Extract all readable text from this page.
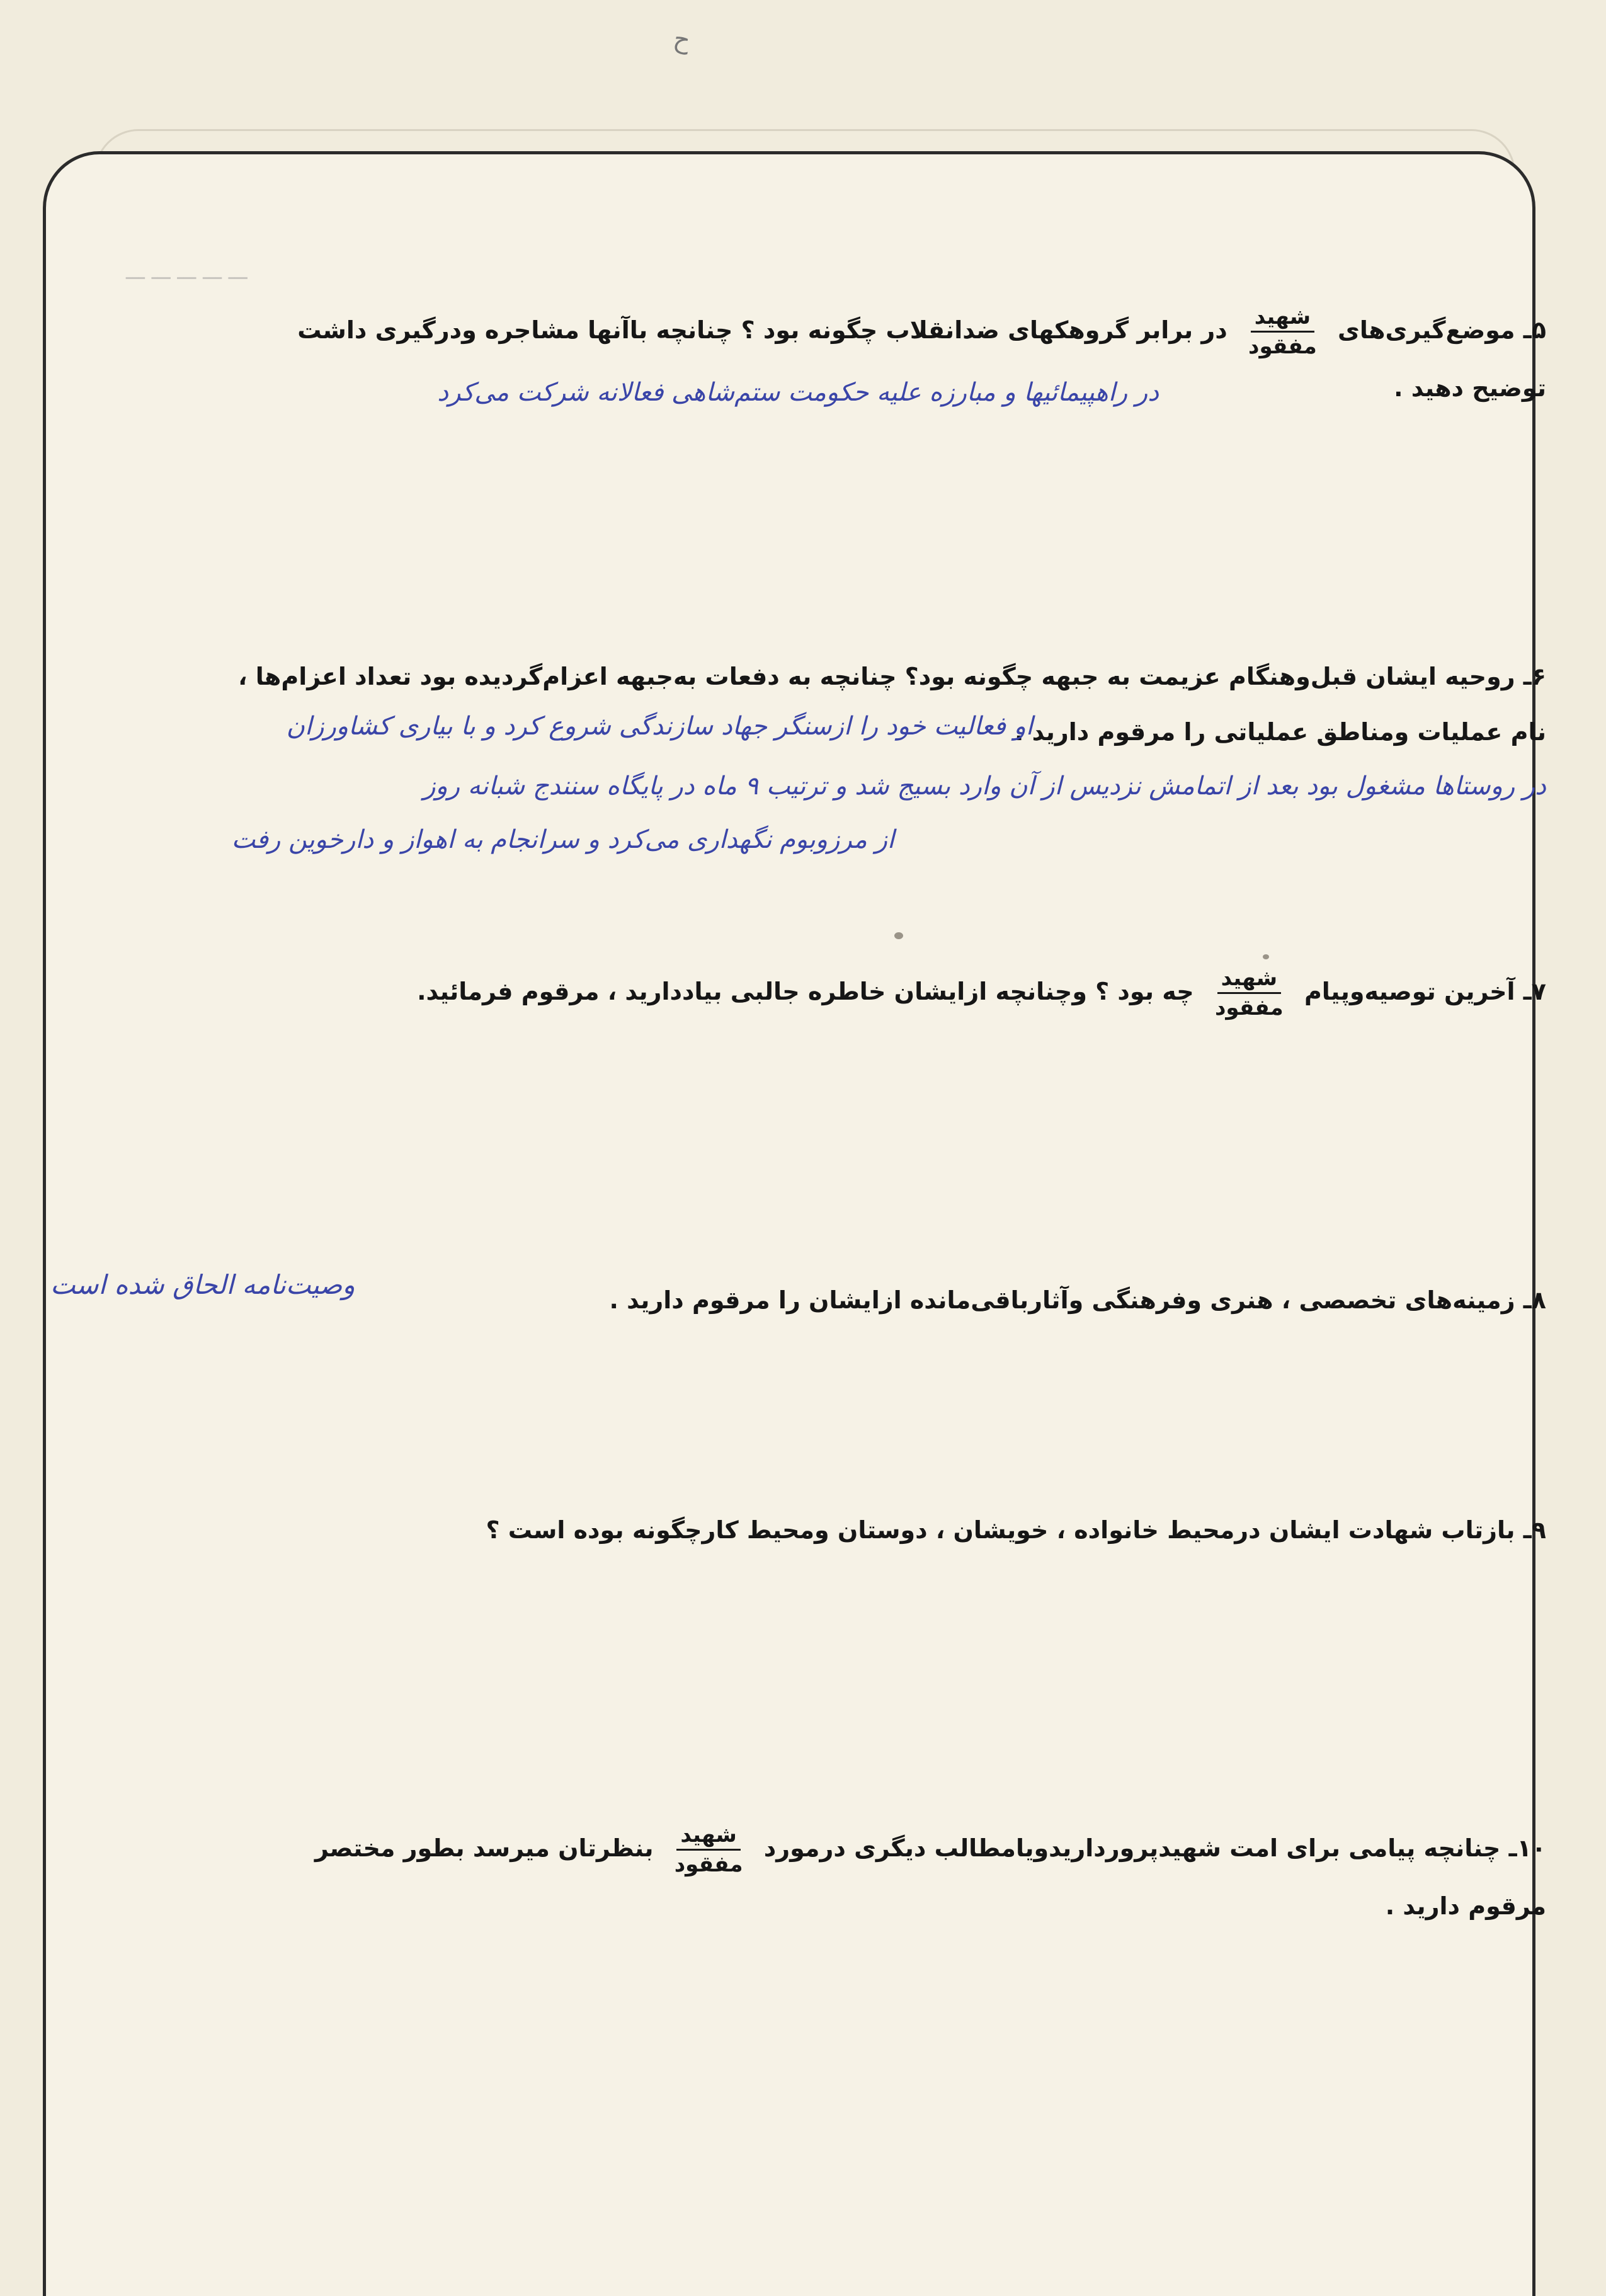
ح
ـــ ـــ ـــ ـــ ـــ
۵ـ موضع‌گیری‌های
$\frac{\text{شهید}}{\text{مفقود}}$
در برابر گروهکهای ضدانقلاب چگونه بود ؟ چنانچه باآنها مشاجره ودرگیری داشت
توضیح دهید .
در راهپیمائیها و مبارزه علیه حکومت ستم‌شاهی فعالانه شرکت می‌کرد
۶ـ روحیه ایشان قبل‌وهنگام عزیمت به جبهه چگونه بود؟ چنانچه به دفعات به‌جبهه اعزام‌گردیده بود تعداد اعزام‌ها ،
نام عملیات ومناطق عملیاتی را مرقوم دارید .
او فعالیت خود را ازسنگر جهاد سازندگی شروع کرد و با بیاری کشاورزان
در روستاها مشغول بود بعد از اتمامش نزدیس از آن وارد بسیج شد و ترتیب ۹ ماه در پایگاه سنندج شبانه روز
از مرزوبوم نگهداری می‌کرد و سرانجام به اهواز و دارخوین رفت
۷ـ آخرین توصیه‌وپیام
$\frac{\text{شهید}}{\text{مفقود}}$
چه بود ؟ وچنانچه ازایشان خاطره جالبی بیاددارید ، مرقوم فرمائید.
۸ـ زمینه‌های تخصصی ، هنری وفرهنگی وآثارباقی‌مانده ازایشان را مرقوم دارید .
وصیت‌نامه الحاق شده است
۹ـ بازتاب شهادت ایشان درمحیط خانواده ، خویشان ، دوستان ومحیط کارچگونه بوده است ؟
۱۰ـ چنانچه پیامی برای امت شهیدپرورداریدویامطالب دیگری درمورد
$\frac{\text{شهید}}{\text{مفقود}}$
بنظرتان میرسد بطور مختصر
مرقوم دارید .
